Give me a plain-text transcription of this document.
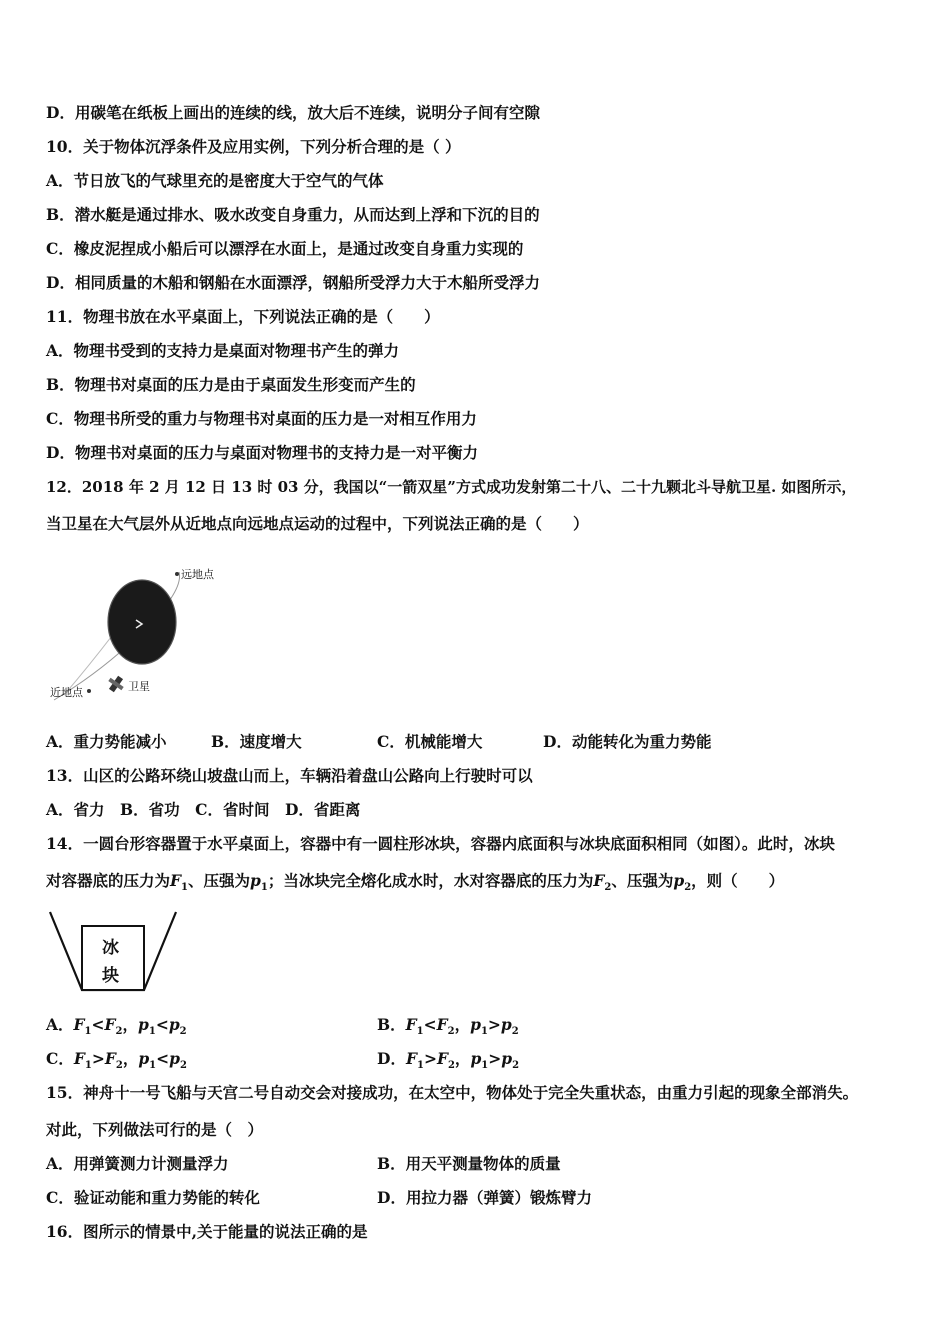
D．用碳笔在纸板上画出的连续的线，放大后不连续，说明分子间有空隙
10．关于物体沉浮条件及应用实例，下列分析合理的是（ ）
A．节日放飞的气球里充的是密度大于空气的气体
B．潜水艇是通过排水、吸水改变自身重力，从而达到上浮和下沉的目的
C．橡皮泥捏成小船后可以漂浮在水面上，是通过改变自身重力实现的
D．相同质量的木船和钢船在水面漂浮，钢船所受浮力大于木船所受浮力
11．物理书放在水平桌面上，下列说法正确的是（　　）
A．物理书受到的支持力是桌面对物理书产生的弹力
B．物理书对桌面的压力是由于桌面发生形变而产生的
C．物理书所受的重力与物理书对桌面的压力是一对相互作用力
D．物理书对桌面的压力与桌面对物理书的支持力是一对平衡力
12．2018 年 2 月 12 日 13 时 03 分，我国以“一箭双星”方式成功发射第二十八、二十九颗北斗导航卫星. 如图所示，
当卫星在大气层外从近地点向远地点运动的过程中，下列说法正确的是（　　）
远地点
近地点	卫星
A．重力势能减小	B．速度增大	C．机械能增大	D．动能转化为重力势能
13．山区的公路环绕山坡盘山而上，车辆沿着盘山公路向上行驶时可以
A．省力　B．省功　C．省时间　D．省距离
14．一圆台形容器置于水平桌面上，容器中有一圆柱形冰块，容器内底面积与冰块底面积相同（如图）。此时，冰块
对容器底的压力为$F_1$、压强为$p_1$；当冰块完全熔化成水时，水对容器底的压力为$F_2$、压强为$p_2$，则（　　）
冰
块
A．$F_1<F_2$，$p_1<p_2$	B．$F_1<F_2$，$p_1>p_2$
C．$F_1>F_2$，$p_1<p_2$	D．$F_1>F_2$，$p_1>p_2$
15．神舟十一号飞船与天宫二号自动交会对接成功，在太空中，物体处于完全失重状态，由重力引起的现象全部消失。
对此，下列做法可行的是（　）
A．用弹簧测力计测量浮力	B．用天平测量物体的质量
C．验证动能和重力势能的转化	D．用拉力器（弹簧）锻炼臂力
16．图所示的情景中,关于能量的说法正确的是
